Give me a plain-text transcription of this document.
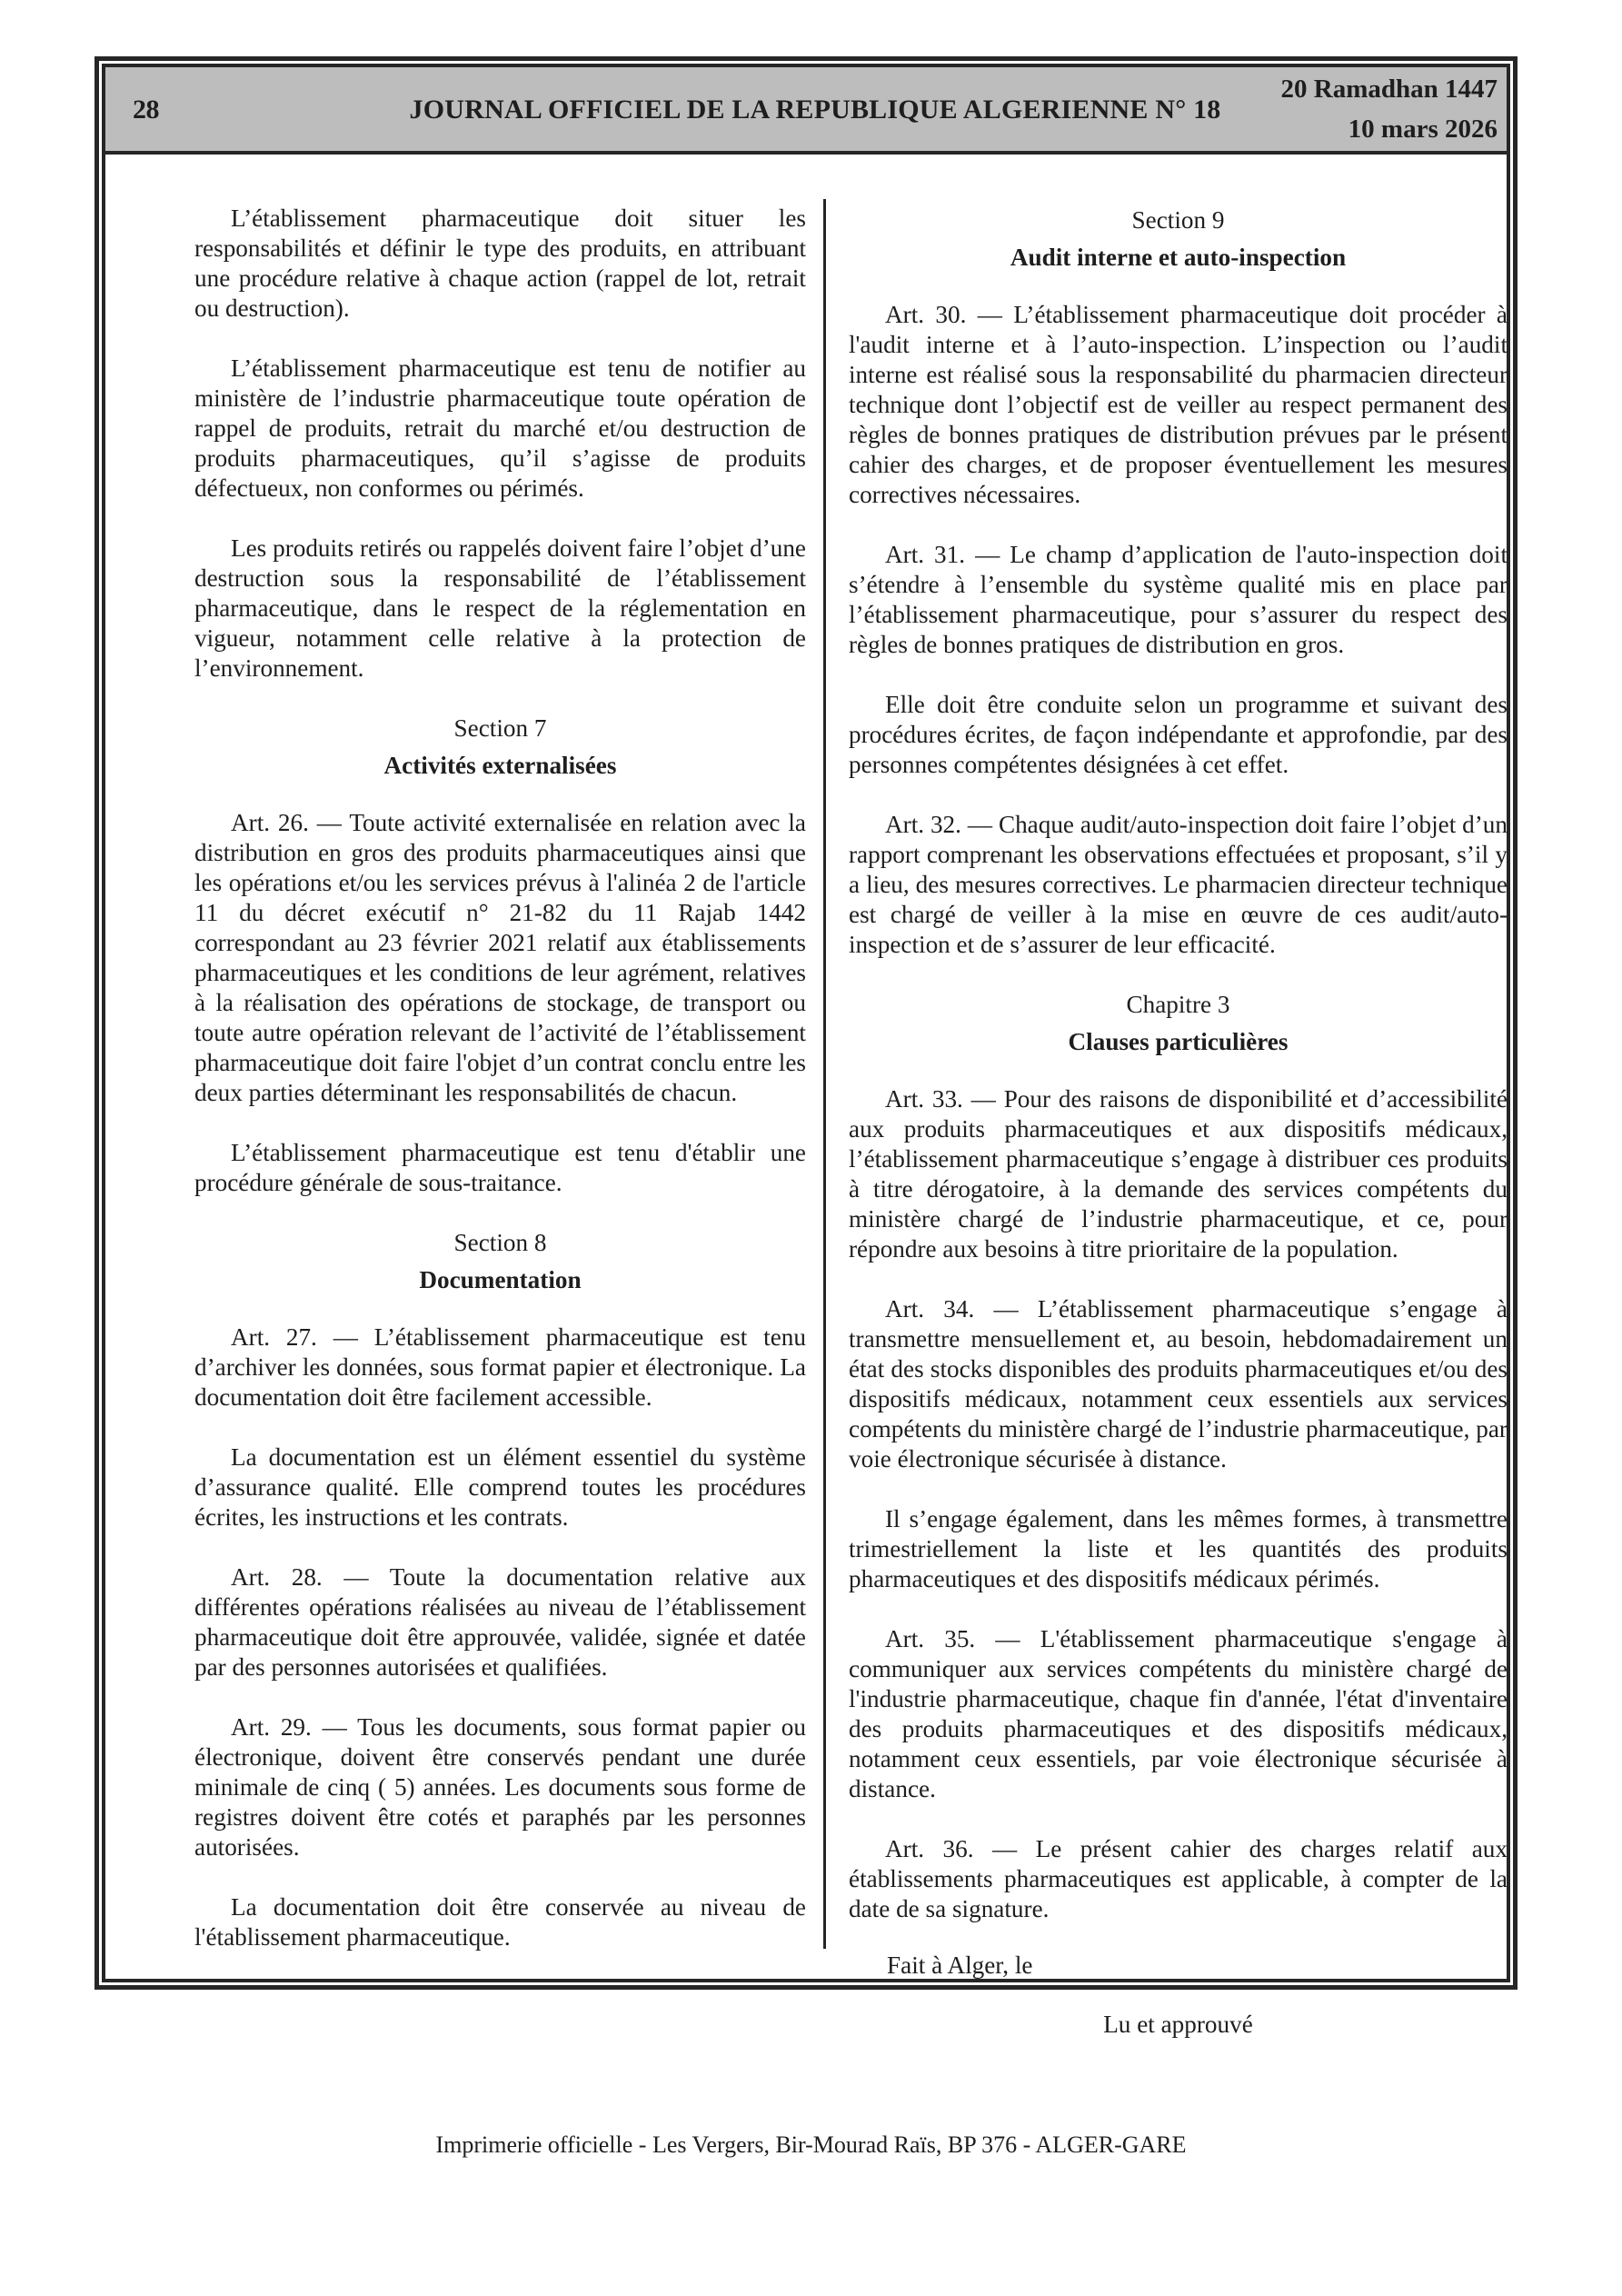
28	JOURNAL OFFICIEL DE LA REPUBLIQUE ALGERIENNE N° 18
20 Ramadhan 1447
10 mars 2026

L’établissement pharmaceutique doit situer les responsabilités et définir le type des produits, en attribuant une procédure relative à chaque action (rappel de lot, retrait ou destruction).

L’établissement pharmaceutique est tenu de notifier au ministère de l’industrie pharmaceutique toute opération de rappel de produits, retrait du marché et/ou destruction de produits pharmaceutiques, qu’il s’agisse de produits défectueux, non conformes ou périmés.

Les produits retirés ou rappelés doivent faire l’objet d’une destruction sous la responsabilité de l’établissement pharmaceutique, dans le respect de la réglementation en vigueur, notamment celle relative à la protection de l’environnement.

Section 7
Activités externalisées

Art. 26. — Toute activité externalisée en relation avec la distribution en gros des produits pharmaceutiques ainsi que les opérations et/ou les services prévus à l'alinéa 2 de l'article 11 du décret exécutif n° 21-82 du 11 Rajab 1442 correspondant au 23 février 2021 relatif aux établissements pharmaceutiques et les conditions de leur agrément, relatives à la réalisation des opérations de stockage, de transport ou toute autre opération relevant de l’activité de l’établissement pharmaceutique doit faire l'objet d’un contrat conclu entre les deux parties déterminant les responsabilités de chacun.

L’établissement pharmaceutique est tenu d'établir une procédure générale de sous-traitance.

Section 8
Documentation

Art. 27. — L’établissement pharmaceutique est tenu d’archiver les données, sous format papier et électronique. La documentation doit être facilement accessible.

La documentation est un élément essentiel du système d’assurance qualité. Elle comprend toutes les procédures écrites, les instructions et les contrats.

Art. 28. — Toute la documentation relative aux différentes opérations réalisées au niveau de l’établissement pharmaceutique doit être approuvée, validée, signée et datée par des personnes autorisées et qualifiées.

Art. 29. — Tous les documents, sous format papier ou électronique, doivent être conservés pendant une durée minimale de cinq ( 5) années. Les documents sous forme de registres doivent être cotés et paraphés par les personnes autorisées.

La documentation doit être conservée au niveau de l'établissement pharmaceutique.

Section 9
Audit interne et auto-inspection

Art. 30. — L’établissement pharmaceutique doit procéder à l'audit interne et à l’auto-inspection. L’inspection ou l’audit interne est réalisé sous la responsabilité du pharmacien directeur technique dont l’objectif est de veiller au respect permanent des règles de bonnes pratiques de distribution prévues par le présent cahier des charges, et de proposer éventuellement les mesures correctives nécessaires.

Art. 31. — Le champ d’application de l'auto-inspection doit s’étendre à l’ensemble du système qualité mis en place par l’établissement pharmaceutique, pour s’assurer du respect des règles de bonnes pratiques de distribution en gros.

Elle doit être conduite selon un programme et suivant des procédures écrites, de façon indépendante et approfondie, par des personnes compétentes désignées à cet effet.

Art. 32. — Chaque audit/auto-inspection doit faire l’objet d’un rapport comprenant les observations effectuées et proposant, s’il y a lieu, des mesures correctives. Le pharmacien directeur technique est chargé de veiller à la mise en œuvre de ces audit/auto-inspection et de s’assurer de leur efficacité.

Chapitre 3
Clauses particulières

Art. 33. — Pour des raisons de disponibilité et d’accessibilité aux produits pharmaceutiques et aux dispositifs médicaux, l’établissement pharmaceutique s’engage à distribuer ces produits à titre dérogatoire, à la demande des services compétents du ministère chargé de l’industrie pharmaceutique, et ce, pour répondre aux besoins à titre prioritaire de la population.

Art. 34. — L’établissement pharmaceutique s’engage à transmettre mensuellement et, au besoin, hebdomadairement un état des stocks disponibles des produits pharmaceutiques et/ou des dispositifs médicaux, notamment ceux essentiels aux services compétents du ministère chargé de l’industrie pharmaceutique, par voie électronique sécurisée à distance.

Il s’engage également, dans les mêmes formes, à transmettre trimestriellement la liste et les quantités des produits pharmaceutiques et des dispositifs médicaux périmés.

Art. 35. — L'établissement pharmaceutique s'engage à communiquer aux services compétents du ministère chargé de l'industrie pharmaceutique, chaque fin d'année, l'état d'inventaire des produits pharmaceutiques et des dispositifs médicaux, notamment ceux essentiels, par voie électronique sécurisée à distance.

Art. 36. — Le présent cahier des charges relatif aux établissements pharmaceutiques est applicable, à compter de la date de sa signature.

Fait à Alger, le

Lu et approuvé

Imprimerie officielle - Les Vergers, Bir-Mourad Raïs, BP 376 - ALGER-GARE
